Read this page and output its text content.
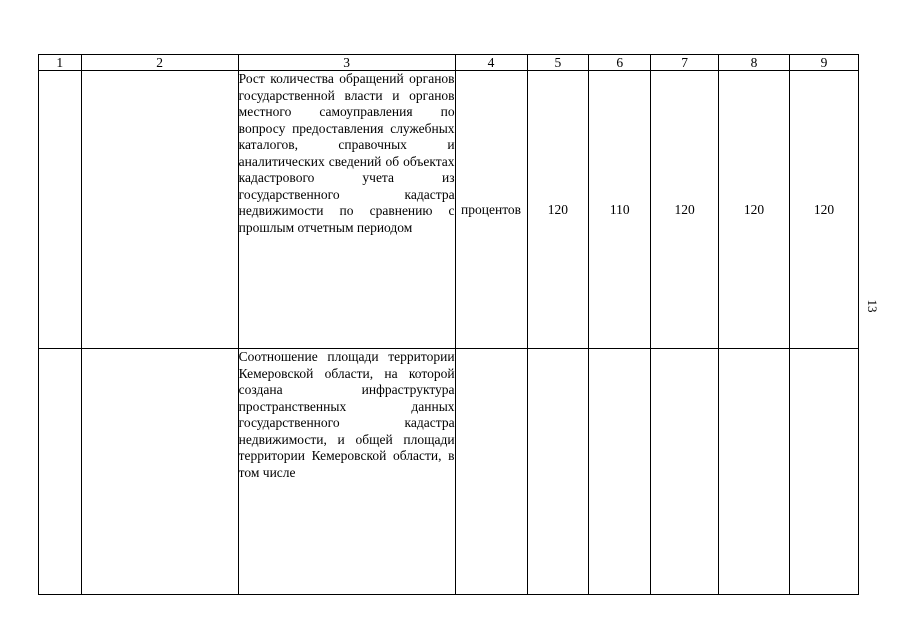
1	2	3	4	5	6	7	8	9

		Рост количества обращений органов государственной власти и органов местного самоуправления по вопросу предоставления служебных каталогов, справочных и аналитических сведений об объектах кадастрового учета из государственного кадастра недвижимости по сравнению с прошлым отчетным периодом	процентов	120	110	120	120	120

		Соотношение площади территории Кемеровской области, на которой создана инфраструктура пространственных данных государственного кадастра недвижимости, и общей площади территории Кемеровской области, в том числе						

13
